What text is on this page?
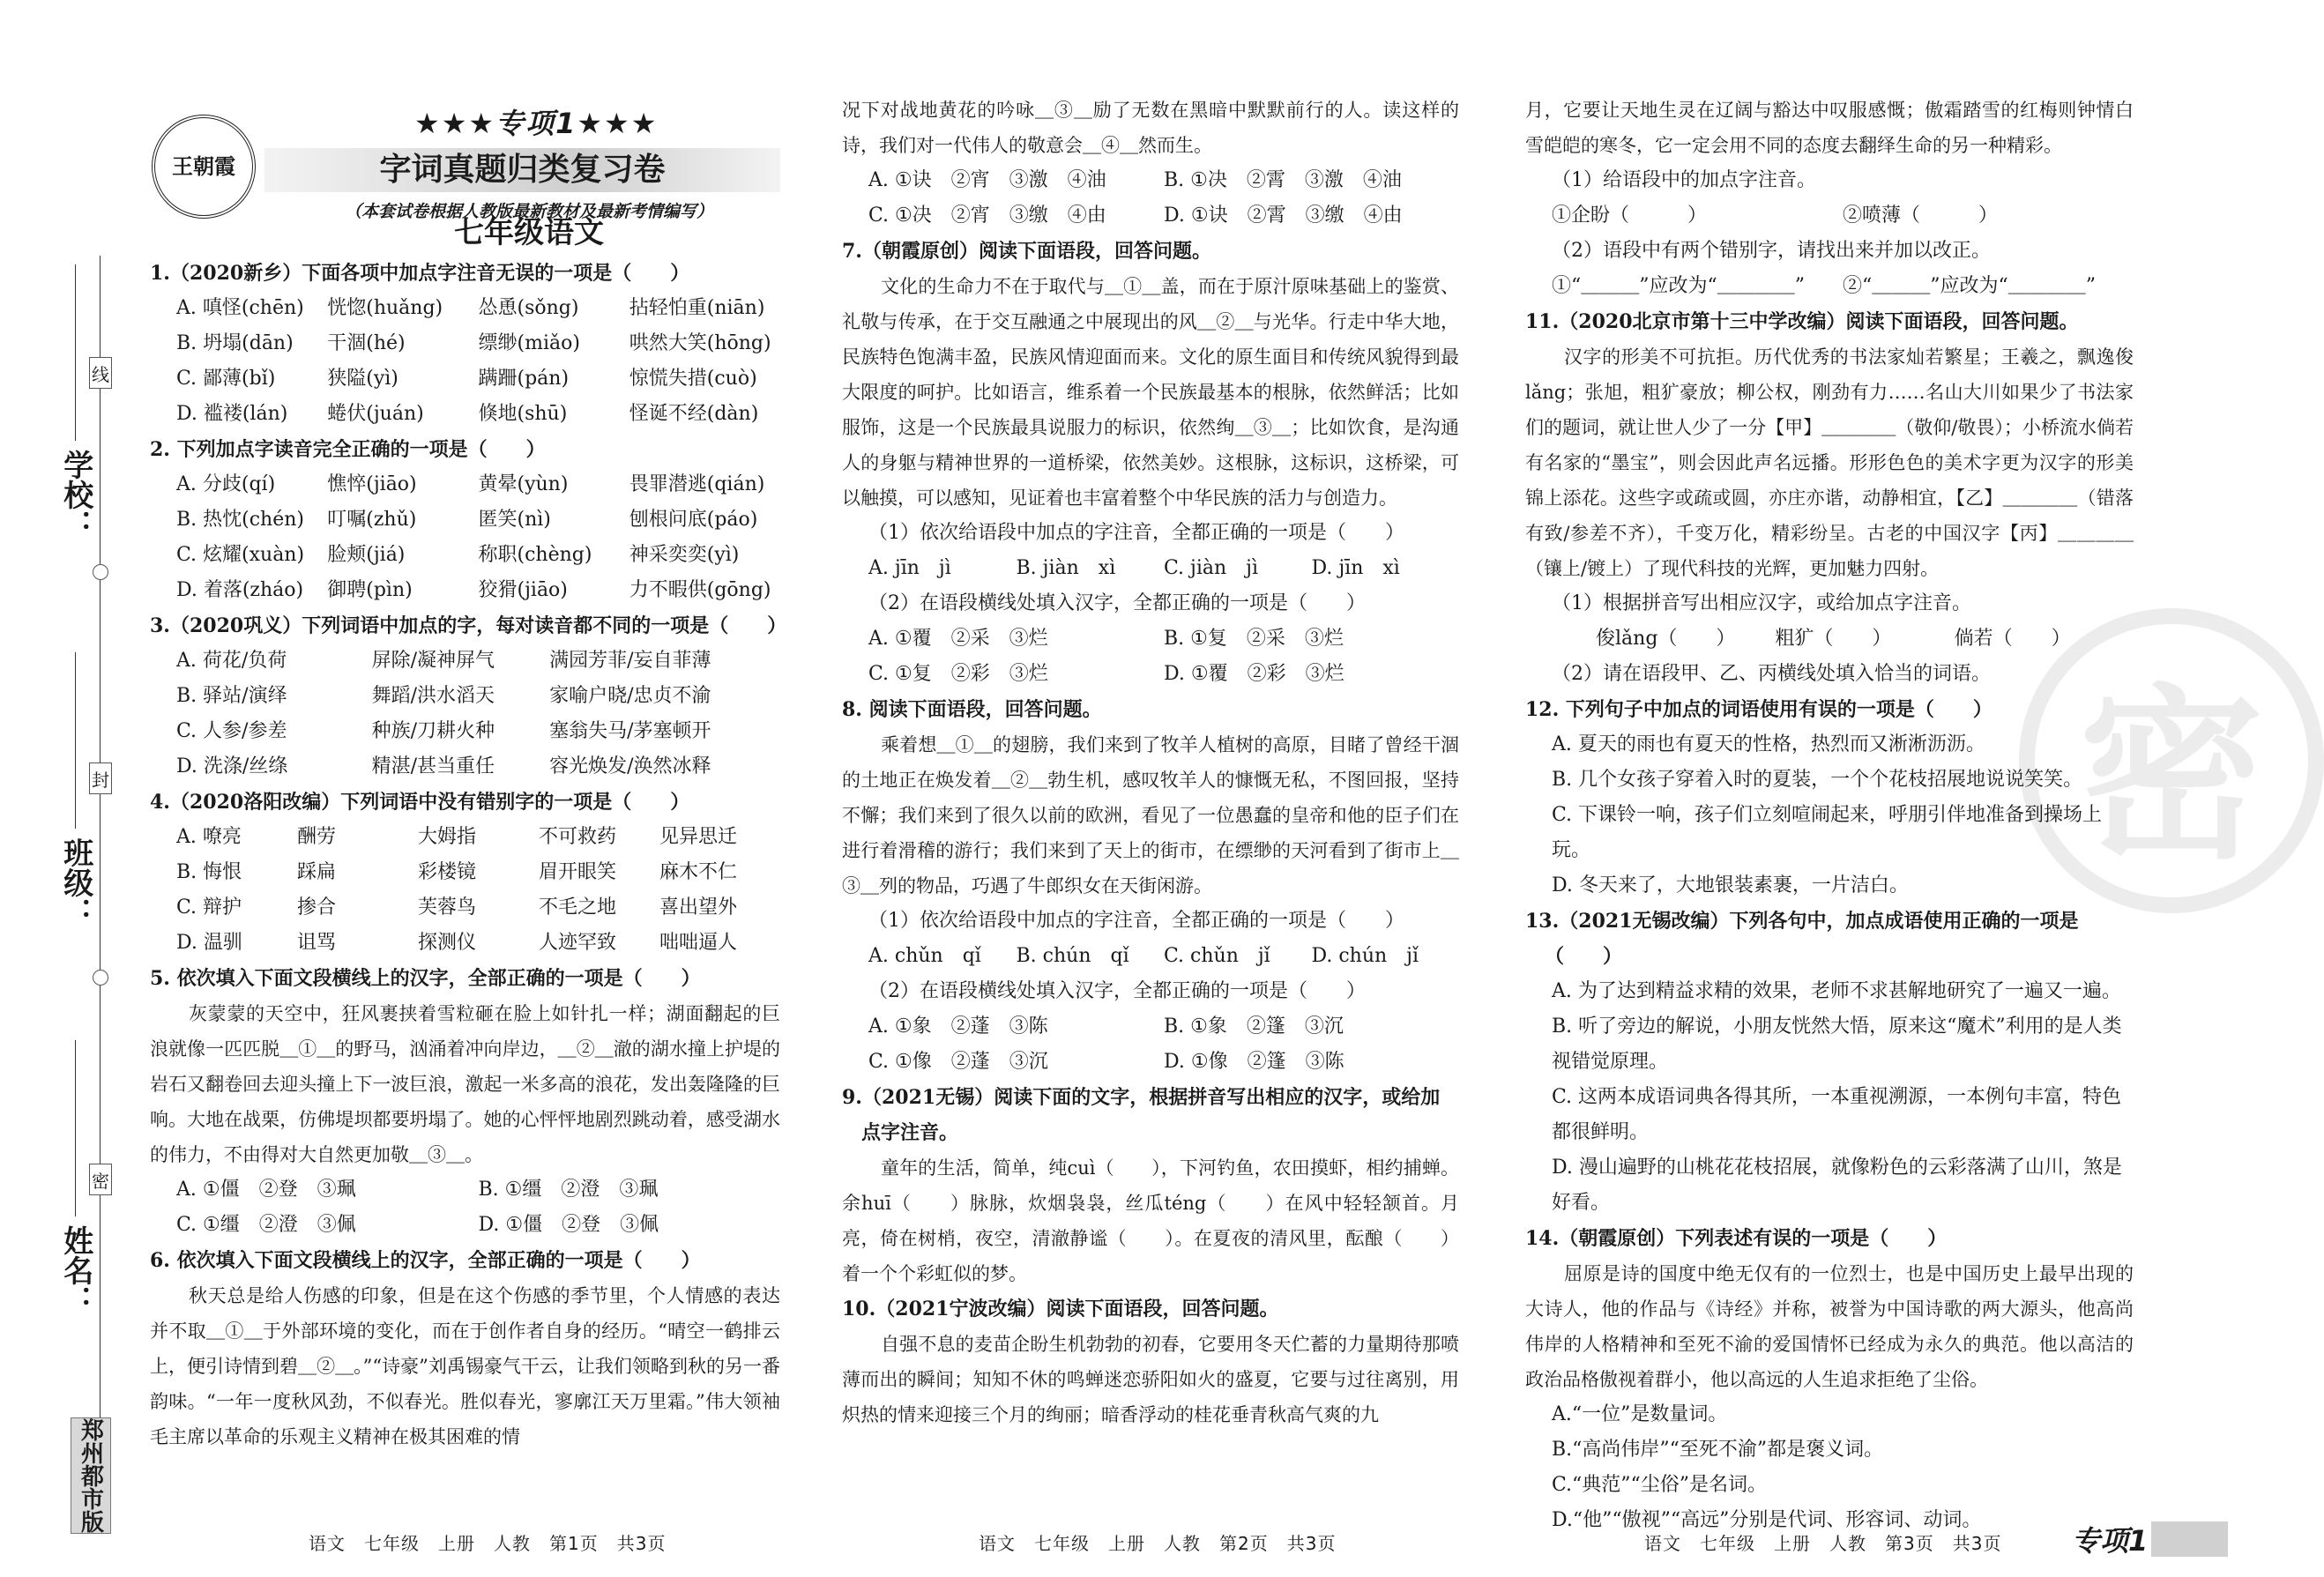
学校：
班级：
姓名：
线
封
密
郑州都市版
王朝霞
★★★专项1★★★
字词真题归类复习卷
（本套试卷根据人教版最新教材及最新考情编写）
七年级语文
1.（2020新乡）下面各项中加点字注音无误的一项是（　　）
A. 嗔怪(chēn)	恍惚(huǎng)	怂恿(sǒng)	拈轻怕重(niān)
B. 坍塌(dān)	干涸(hé)	缥缈(miǎo)	哄然大笑(hōng)
C. 鄙薄(bǐ)	狭隘(yì)	蹒跚(pán)	惊慌失措(cuò)
D. 褴褛(lán)	蜷伏(juán)	倏地(shū)	怪诞不经(dàn)
2. 下列加点字读音完全正确的一项是（　　）
A. 分歧(qí)	憔悴(jiāo)	黄晕(yùn)	畏罪潜逃(qián)
B. 热忱(chén)	叮嘱(zhǔ)	匿笑(nì)	刨根问底(páo)
C. 炫耀(xuàn)	脸颊(jiá)	称职(chèng)	神采奕奕(yì)
D. 着落(zháo)	御聘(pìn)	狡猾(jiāo)	力不暇供(gōng)
3.（2020巩义）下列词语中加点的字，每对读音都不同的一项是（　　）
A. 荷花/负荷	屏除/凝神屏气	满园芳菲/妄自菲薄
B. 驿站/演绎	舞蹈/洪水滔天	家喻户晓/忠贞不渝
C. 人参/参差	种族/刀耕火种	塞翁失马/茅塞顿开
D. 洗涤/丝绦	精湛/甚当重任	容光焕发/涣然冰释
4.（2020洛阳改编）下列词语中没有错别字的一项是（　　）
A. 嘹亮	酬劳	大姆指	不可救药	见异思迁
B. 悔恨	踩扁	彩楼镜	眉开眼笑	麻木不仁
C. 辩护	掺合	芙蓉鸟	不毛之地	喜出望外
D. 温驯	诅骂	探测仪	人迹罕致	咄咄逼人
5. 依次填入下面文段横线上的汉字，全部正确的一项是（　　）
灰蒙蒙的天空中，狂风裹挟着雪粒砸在脸上如针扎一样；湖面翻起的巨浪就像一匹匹脱＿①＿的野马，汹涌着冲向岸边，＿②＿澈的湖水撞上护堤的岩石又翻卷回去迎头撞上下一波巨浪，激起一米多高的浪花，发出轰隆隆的巨响。大地在战栗，仿佛堤坝都要坍塌了。她的心怦怦地剧烈跳动着，感受湖水的伟力，不由得对大自然更加敬＿③＿。
A. ①僵　②登　③珮	B. ①缰　②澄　③珮
C. ①缰　②澄　③佩	D. ①僵　②登　③佩
6. 依次填入下面文段横线上的汉字，全部正确的一项是（　　）
秋天总是给人伤感的印象，但是在这个伤感的季节里，个人情感的表达并不取＿①＿于外部环境的变化，而在于创作者自身的经历。“晴空一鹤排云上，便引诗情到碧＿②＿。”“诗豪”刘禹锡豪气干云，让我们领略到秋的另一番韵味。“一年一度秋风劲，不似春光。胜似春光，寥廓江天万里霜。”伟大领袖毛主席以革命的乐观主义精神在极其困难的情
语文　七年级　上册　人教　第1页　共3页
况下对战地黄花的吟咏＿③＿励了无数在黑暗中默默前行的人。读这样的诗，我们对一代伟人的敬意会＿④＿然而生。
A. ①诀　②宵　③激　④油	B. ①决　②霄　③激　④油
C. ①决　②宵　③缴　④由	D. ①诀　②霄　③缴　④由
7.（朝霞原创）阅读下面语段，回答问题。
文化的生命力不在于取代与＿①＿盖，而在于原汁原味基础上的鉴赏、礼敬与传承，在于交互融通之中展现出的风＿②＿与光华。行走中华大地，民族特色饱满丰盈，民族风情迎面而来。文化的原生面目和传统风貌得到最大限度的呵护。比如语言，维系着一个民族最基本的根脉，依然鲜活；比如服饰，这是一个民族最具说服力的标识，依然绚＿③＿；比如饮食，是沟通人的身躯与精神世界的一道桥梁，依然美妙。这根脉，这标识，这桥梁，可以触摸，可以感知，见证着也丰富着整个中华民族的活力与创造力。
（1）依次给语段中加点的字注音，全都正确的一项是（　　）
A. jīn　jì	B. jiàn　xì	C. jiàn　jì	D. jīn　xì
（2）在语段横线处填入汉字，全都正确的一项是（　　）
A. ①覆　②采　③烂	B. ①复　②采　③烂
C. ①复　②彩　③烂	D. ①覆　②彩　③烂
8. 阅读下面语段，回答问题。
乘着想＿①＿的翅膀，我们来到了牧羊人植树的高原，目睹了曾经干涸的土地正在焕发着＿②＿勃生机，感叹牧羊人的慷慨无私，不图回报，坚持不懈；我们来到了很久以前的欧洲，看见了一位愚蠢的皇帝和他的臣子们在进行着滑稽的游行；我们来到了天上的街市，在缥缈的天河看到了街市上＿③＿列的物品，巧遇了牛郎织女在天街闲游。
（1）依次给语段中加点的字注音，全都正确的一项是（　　）
A. chǔn　qǐ	B. chún　qǐ	C. chǔn　jǐ	D. chún　jǐ
（2）在语段横线处填入汉字，全都正确的一项是（　　）
A. ①象　②蓬　③陈	B. ①象　②篷　③沉
C. ①像　②蓬　③沉	D. ①像　②篷　③陈
9.（2021无锡）阅读下面的文字，根据拼音写出相应的汉字，或给加点字注音。
童年的生活，简单，纯cuì（　　），下河钓鱼，农田摸虾，相约捕蝉。余huī（　　）脉脉，炊烟袅袅，丝瓜téng（　　）在风中轻轻颔首。月亮，倚在树梢，夜空，清澈静谧（　　）。在夏夜的清风里，酝酿（　　）着一个个彩虹似的梦。
10.（2021宁波改编）阅读下面语段，回答问题。
自强不息的麦苗企盼生机勃勃的初春，它要用冬天伫蓄的力量期待那喷薄而出的瞬间；知知不休的鸣蝉迷恋骄阳如火的盛夏，它要与过往离别，用炽热的情来迎接三个月的绚丽；暗香浮动的桂花垂青秋高气爽的九
语文　七年级　上册　人教　第2页　共3页
密
月，它要让天地生灵在辽阔与豁达中叹服感慨；傲霜踏雪的红梅则钟情白雪皑皑的寒冬，它一定会用不同的态度去翻绎生命的另一种精彩。
（1）给语段中的加点字注音。
①企盼（　　　）	②喷薄（　　　）
（2）语段中有两个错别字，请找出来并加以改正。
①“＿＿＿”应改为“＿＿＿＿”	②“＿＿＿”应改为“＿＿＿＿”
11.（2020北京市第十三中学改编）阅读下面语段，回答问题。
汉字的形美不可抗拒。历代优秀的书法家灿若繁星；王羲之，飘逸俊lǎng；张旭，粗犷豪放；柳公权，刚劲有力……名山大川如果少了书法家们的题词，就让世人少了一分【甲】＿＿＿＿（敬仰/敬畏）；小桥流水倘若有名家的“墨宝”，则会因此声名远播。形形色色的美术字更为汉字的形美锦上添花。这些字或疏或圆，亦庄亦谐，动静相宜，【乙】＿＿＿＿（错落有致/参差不齐），千变万化，精彩纷呈。古老的中国汉字【丙】＿＿＿＿（镶上/镀上）了现代科技的光辉，更加魅力四射。
（1）根据拼音写出相应汉字，或给加点字注音。
俊lǎng（　　）	粗犷（　　）	倘若（　　）
（2）请在语段甲、乙、丙横线处填入恰当的词语。
12. 下列句子中加点的词语使用有误的一项是（　　）
A. 夏天的雨也有夏天的性格，热烈而又淅淅沥沥。
B. 几个女孩子穿着入时的夏装，一个个花枝招展地说说笑笑。
C. 下课铃一响，孩子们立刻喧闹起来，呼朋引伴地准备到操场上玩。
D. 冬天来了，大地银装素裹，一片洁白。
13.（2021无锡改编）下列各句中，加点成语使用正确的一项是（　　）
A. 为了达到精益求精的效果，老师不求甚解地研究了一遍又一遍。
B. 听了旁边的解说，小朋友恍然大悟，原来这“魔术”利用的是人类视错觉原理。
C. 这两本成语词典各得其所，一本重视溯源，一本例句丰富，特色都很鲜明。
D. 漫山遍野的山桃花花枝招展，就像粉色的云彩落满了山川，煞是好看。
14.（朝霞原创）下列表述有误的一项是（　　）
屈原是诗的国度中绝无仅有的一位烈士，也是中国历史上最早出现的大诗人，他的作品与《诗经》并称，被誉为中国诗歌的两大源头，他高尚伟岸的人格精神和至死不渝的爱国情怀已经成为永久的典范。他以高洁的政治品格傲视着群小，他以高远的人生追求拒绝了尘俗。
A.“一位”是数量词。
B.“高尚伟岸”“至死不渝”都是褒义词。
C.“典范”“尘俗”是名词。
D.“他”“傲视”“高远”分别是代词、形容词、动词。
语文　七年级　上册　人教　第3页　共3页 专项1
